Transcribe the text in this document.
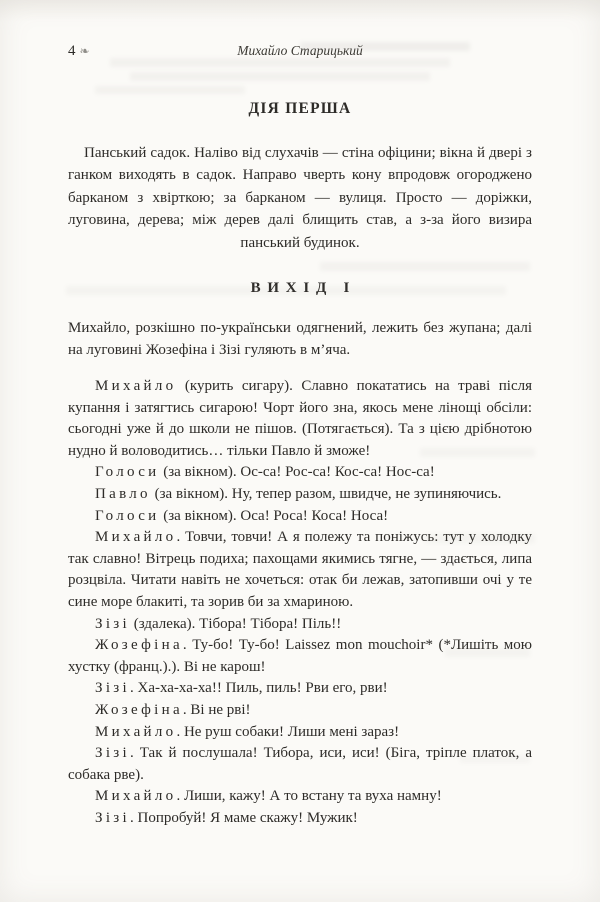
4 ❧	Михайло Старицький
ДІЯ ПЕРША

Панський садок. Наліво від слухачів — стіна офіцини; вікна й двері з ганком виходять в садок. Направо чверть кону впродовж огороджено барканом з хвірткою; за барканом — вулиця. Просто — доріжки, луговина, дерева; між дерев далі блищить став, а з-за його визира панський будинок.

ВИХІД І

Михайло, розкішно по-українськи одягнений, лежить без жупана; далі на луговині Жозефіна і Зізі гуляють в м’яча.

Михайло (курить сигару). Славно покататись на траві після купання і затягтись сигарою! Чорт його зна, якось мене лінощі обсіли: сьогодні уже й до школи не пішов. (Потягається). Та з цією дрібнотою нудно й воловодитись… тільки Павло й зможе!

Голоси (за вікном). Ос-са! Рос-са! Кос-са! Нос-са!

Павло (за вікном). Ну, тепер разом, швидче, не зупиняючись.

Голоси (за вікном). Оса! Роса! Коса! Носа!

Михайло. Товчи, товчи! А я полежу та поніжусь: тут у холодку так славно! Вітрець подиха; пахощами якимись тягне, — здається, липа розцвіла. Читати навіть не хочеться: отак би лежав, затопивши очі у те сине море блакиті, та зорив би за хмариною.

Зізі (здалека). Тібора! Тібора! Піль!!

Жозефіна. Ту-бо! Ту-бо! Laissez mon mouchoir* (*Лишіть мою хустку (франц.).). Ві не карош!

Зізі. Ха-ха-ха-ха!! Пиль, пиль! Рви его, рви!

Жозефіна. Ві не рві!

Михайло. Не руш собаки! Лиши мені зараз!

Зізі. Так й послушала! Тибора, иси, иси! (Біга, тріпле платок, а собака рве).

Михайло. Лиши, кажу! А то встану та вуха намну!

Зізі. Попробуй! Я маме скажу! Мужик!
